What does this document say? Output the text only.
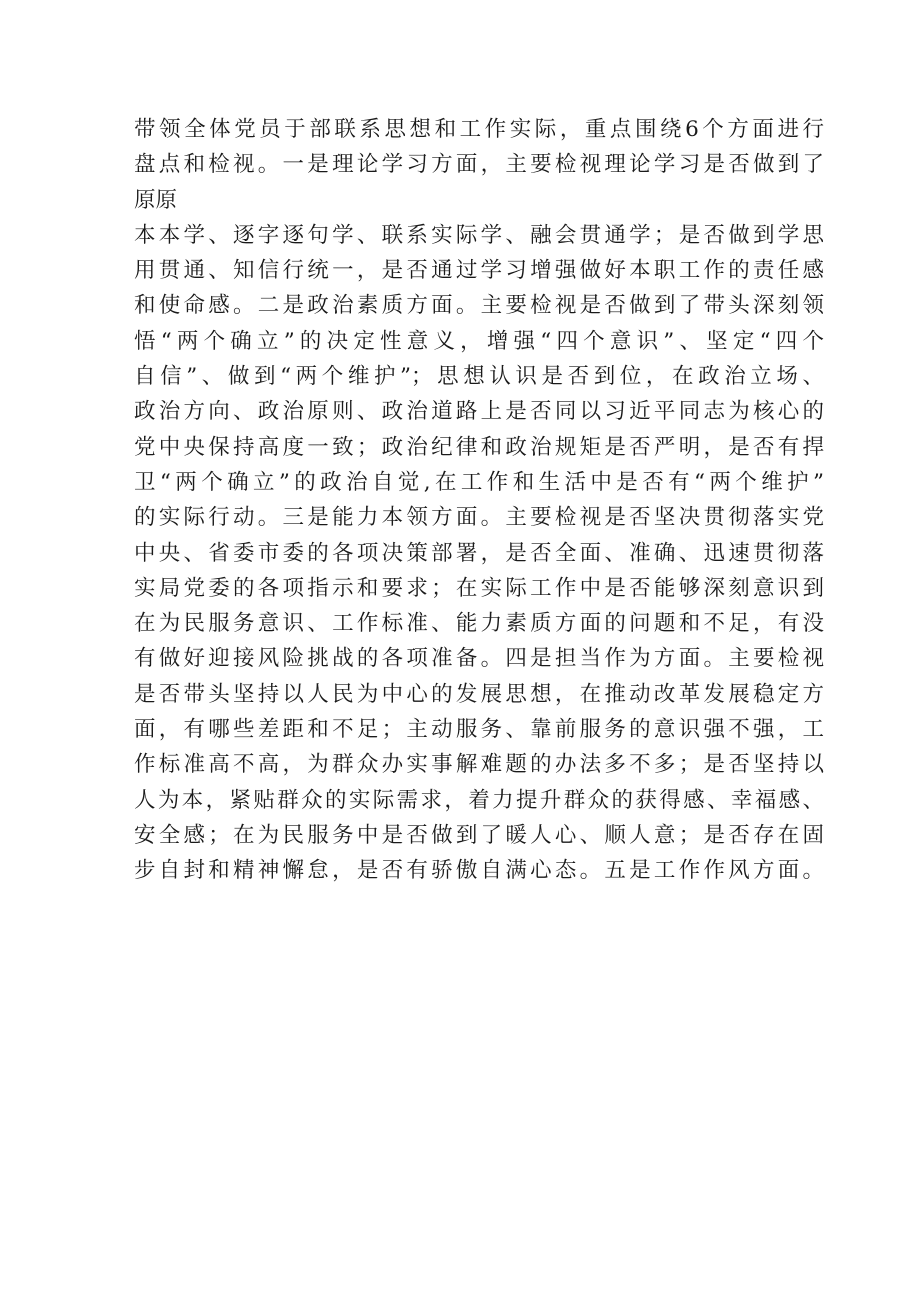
带领全体党员于部联系思想和工作实际，重点围绕6个方面进行
盘点和检视。一是理论学习方面，主要检视理论学习是否做到了
原原
本本学、逐字逐句学、联系实际学、融会贯通学；是否做到学思
用贯通、知信行统一，是否通过学习增强做好本职工作的责任感
和使命感。二是政治素质方面。主要检视是否做到了带头深刻领
悟“两个确立”的决定性意义，增强“四个意识”、坚定“四个
自信”、做到“两个维护”；思想认识是否到位，在政治立场、
政治方向、政治原则、政治道路上是否同以习近平同志为核心的
党中央保持高度一致；政治纪律和政治规矩是否严明，是否有捍
卫“两个确立”的政治自觉,在工作和生活中是否有“两个维护”
的实际行动。三是能力本领方面。主要检视是否坚决贯彻落实党
中央、省委市委的各项决策部署，是否全面、准确、迅速贯彻落
实局党委的各项指示和要求；在实际工作中是否能够深刻意识到
在为民服务意识、工作标准、能力素质方面的问题和不足，有没
有做好迎接风险挑战的各项准备。四是担当作为方面。主要检视
是否带头坚持以人民为中心的发展思想，在推动改革发展稳定方
面，有哪些差距和不足；主动服务、靠前服务的意识强不强，工
作标准高不高，为群众办实事解难题的办法多不多；是否坚持以
人为本，紧贴群众的实际需求，着力提升群众的获得感、幸福感、
安全感；在为民服务中是否做到了暖人心、顺人意；是否存在固
步自封和精神懈怠，是否有骄傲自满心态。五是工作作风方面。
